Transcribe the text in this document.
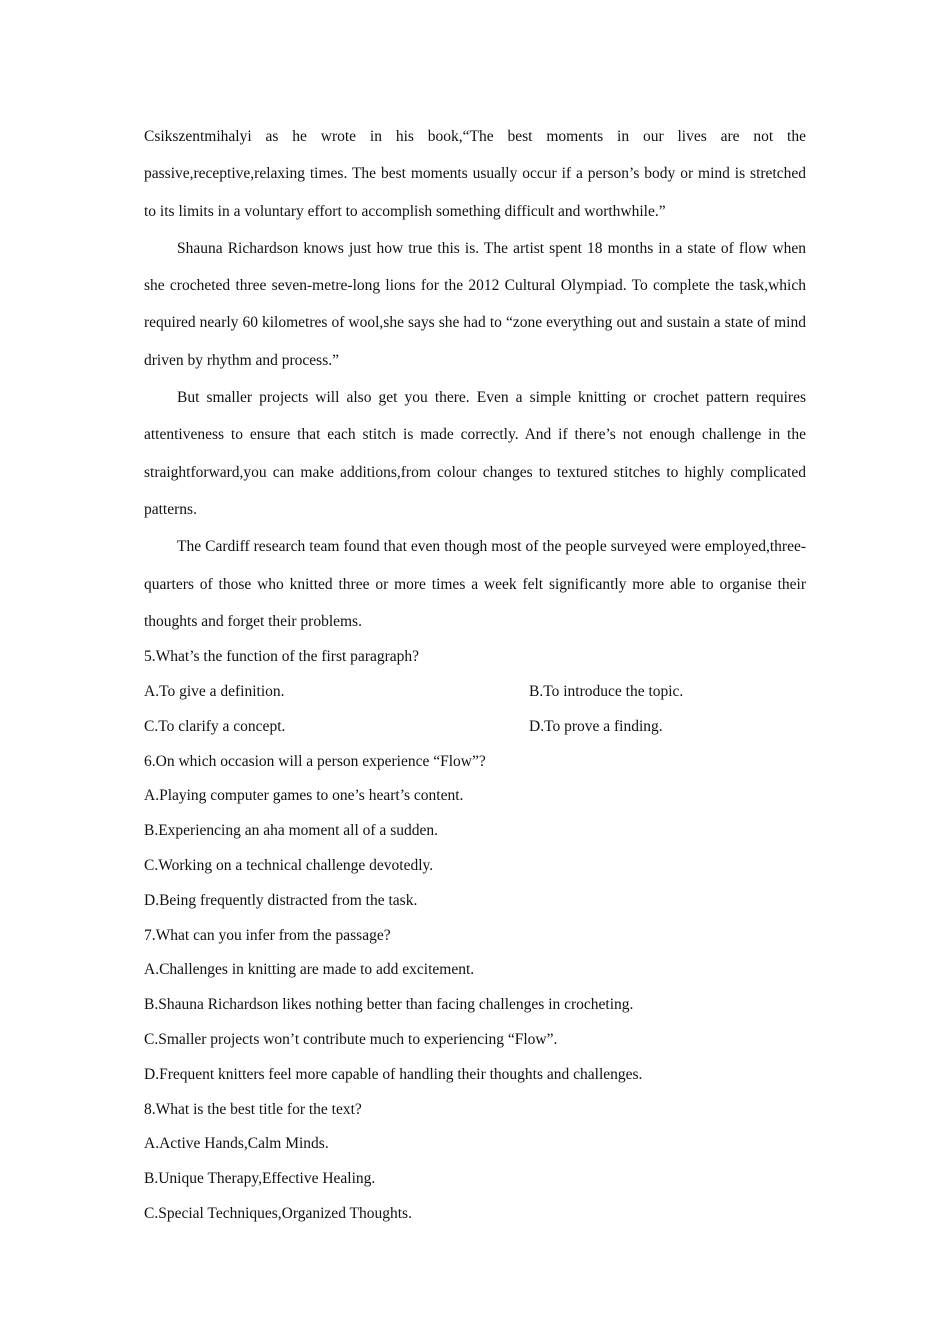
Csikszentmihalyi as he wrote in his book,“The best moments in our lives are not the passive,receptive,relaxing times. The best moments usually occur if a person’s body or mind is stretched to its limits in a voluntary effort to accomplish something difficult and worthwhile.”

Shauna Richardson knows just how true this is. The artist spent 18 months in a state of flow when she crocheted three seven-metre-long lions for the 2012 Cultural Olympiad. To complete the task,which required nearly 60 kilometres of wool,she says she had to “zone everything out and sustain a state of mind driven by rhythm and process.”

But smaller projects will also get you there. Even a simple knitting or crochet pattern requires attentiveness to ensure that each stitch is made correctly. And if there’s not enough challenge in the straightforward,you can make additions,from colour changes to textured stitches to highly complicated patterns.

The Cardiff research team found that even though most of the people surveyed were employed,three-quarters of those who knitted three or more times a week felt significantly more able to organise their thoughts and forget their problems.

5.What’s the function of the first paragraph?

A.To give a definition.	B.To introduce the topic.
C.To clarify a concept.	D.To prove a finding.

6.On which occasion will a person experience “Flow”?

A.Playing computer games to one’s heart’s content.

B.Experiencing an aha moment all of a sudden.

C.Working on a technical challenge devotedly.

D.Being frequently distracted from the task.

7.What can you infer from the passage?

A.Challenges in knitting are made to add excitement.

B.Shauna Richardson likes nothing better than facing challenges in crocheting.

C.Smaller projects won’t contribute much to experiencing “Flow”.

D.Frequent knitters feel more capable of handling their thoughts and challenges.

8.What is the best title for the text?

A.Active Hands,Calm Minds.

B.Unique Therapy,Effective Healing.

C.Special Techniques,Organized Thoughts.
